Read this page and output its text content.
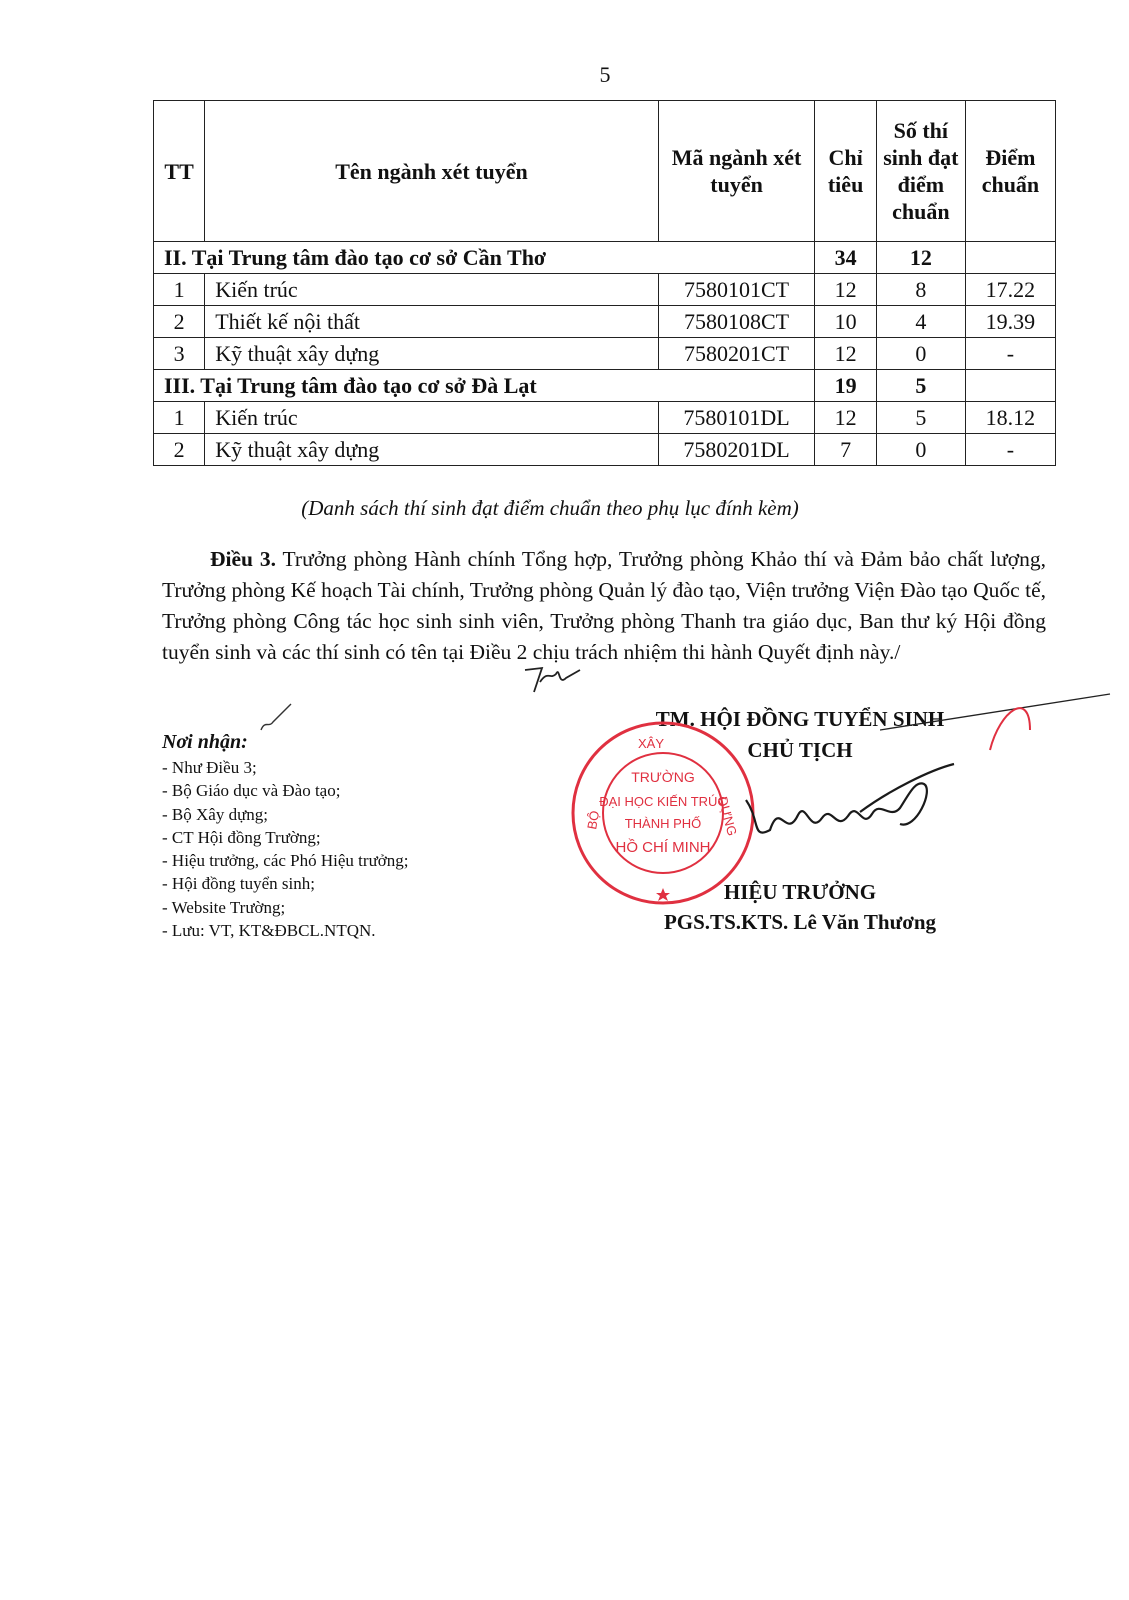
5
TT	Tên ngành xét tuyển	Mã ngành xét tuyển	Chỉ tiêu	Số thí sinh đạt điểm chuẩn	Điểm chuẩn
II. Tại Trung tâm đào tạo cơ sở Cần Thơ			34	12	
1	Kiến trúc	7580101CT	12	8	17.22
2	Thiết kế nội thất	7580108CT	10	4	19.39
3	Kỹ thuật xây dựng	7580201CT	12	0	-
III. Tại Trung tâm đào tạo cơ sở Đà Lạt			19	5	
1	Kiến trúc	7580101DL	12	5	18.12
2	Kỹ thuật xây dựng	7580201DL	7	0	-
(Danh sách thí sinh đạt điểm chuẩn theo phụ lục đính kèm)
Điều 3. Trưởng phòng Hành chính Tổng hợp, Trưởng phòng Khảo thí và Đảm bảo chất lượng, Trưởng phòng Kế hoạch Tài chính, Trưởng phòng Quản lý đào tạo, Viện trưởng Viện Đào tạo Quốc tế, Trưởng phòng Công tác học sinh sinh viên, Trưởng phòng Thanh tra giáo dục, Ban thư ký Hội đồng tuyển sinh và các thí sinh có tên tại Điều 2 chịu trách nhiệm thi hành Quyết định này./
Nơi nhận:
- Như Điều 3;
- Bộ Giáo dục và Đào tạo;
- Bộ Xây dựng;
- CT Hội đồng Trường;
- Hiệu trưởng, các Phó Hiệu trưởng;
- Hội đồng tuyển sinh;
- Website Trường;
- Lưu: VT, KT&ĐBCL.NTQN.
TM. HỘI ĐỒNG TUYỂN SINH
CHỦ TỊCH
BỘ
XÂY
DỰNG
TRƯỜNG
ĐẠI HỌC KIẾN TRÚC
THÀNH PHỐ
HỒ CHÍ MINH
HIỆU TRƯỞNG
PGS.TS.KTS. Lê Văn Thương
